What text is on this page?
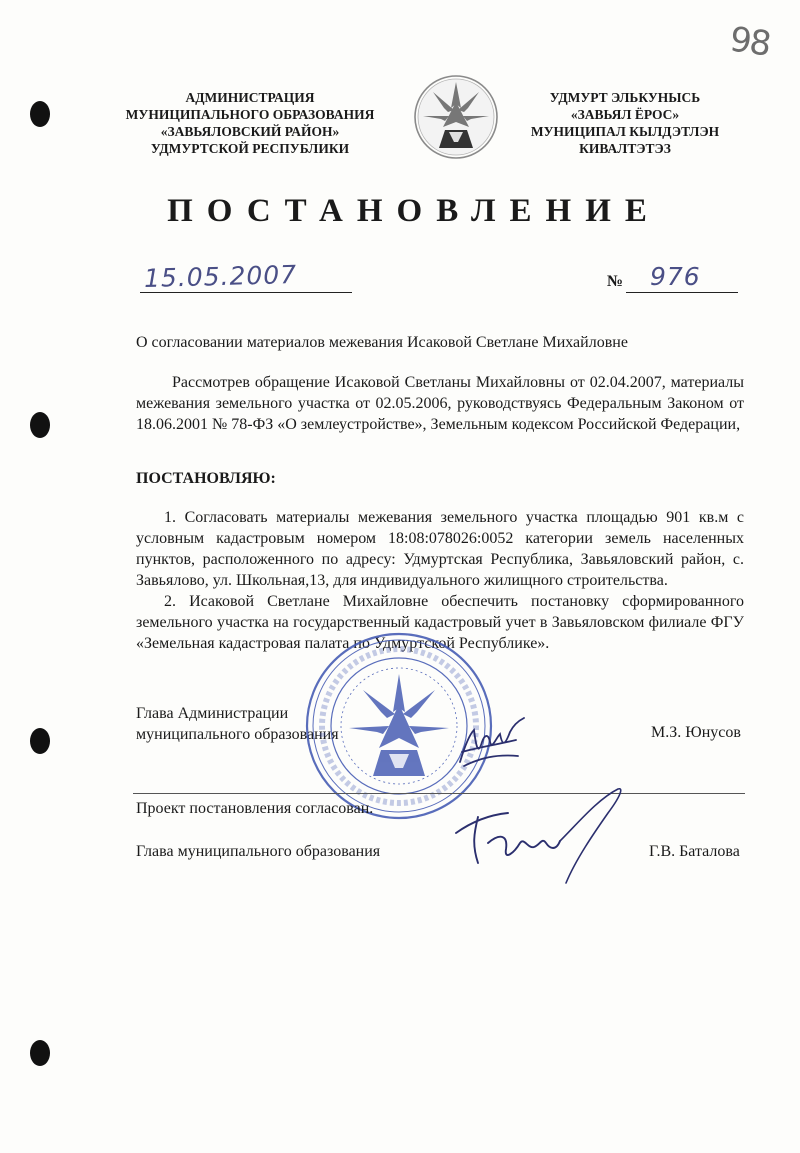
98
АДМИНИСТРАЦИЯ
МУНИЦИПАЛЬНОГО ОБРАЗОВАНИЯ
«ЗАВЬЯЛОВСКИЙ РАЙОН»
УДМУРТСКОЙ РЕСПУБЛИКИ
УДМУРТ ЭЛЬКУНЫСЬ
«ЗАВЬЯЛ ЁРОС»
МУНИЦИПАЛ КЫЛДЭТЛЭН
КИВАЛТЭТЭЗ
ПОСТАНОВЛЕНИЕ
15.05.2007	№ 976
О согласовании материалов межевания Исаковой Светлане Михайловне
Рассмотрев обращение Исаковой Светланы Михайловны от 02.04.2007, материалы межевания земельного участка от 02.05.2006, руководствуясь Федеральным Законом от 18.06.2001 № 78-ФЗ «О землеустройстве», Земельным кодексом Российской Федерации,
ПОСТАНОВЛЯЮ:
1. Согласовать материалы межевания земельного участка площадью 901 кв.м с условным кадастровым номером 18:08:078026:0052 категории земель населенных пунктов, расположенного по адресу: Удмуртская Республика, Завьяловский район, с. Завьялово, ул. Школьная,13, для индивидуального жилищного строительства.
2. Исаковой Светлане Михайловне обеспечить постановку сформированного земельного участка на государственный кадастровый учет в Завьяловском филиале ФГУ «Земельная кадастровая палата по Удмуртской Республике».
Глава Администрации
муниципального образования	М.З. Юнусов
Проект постановления согласован.
Глава муниципального образования	Г.В. Баталова
